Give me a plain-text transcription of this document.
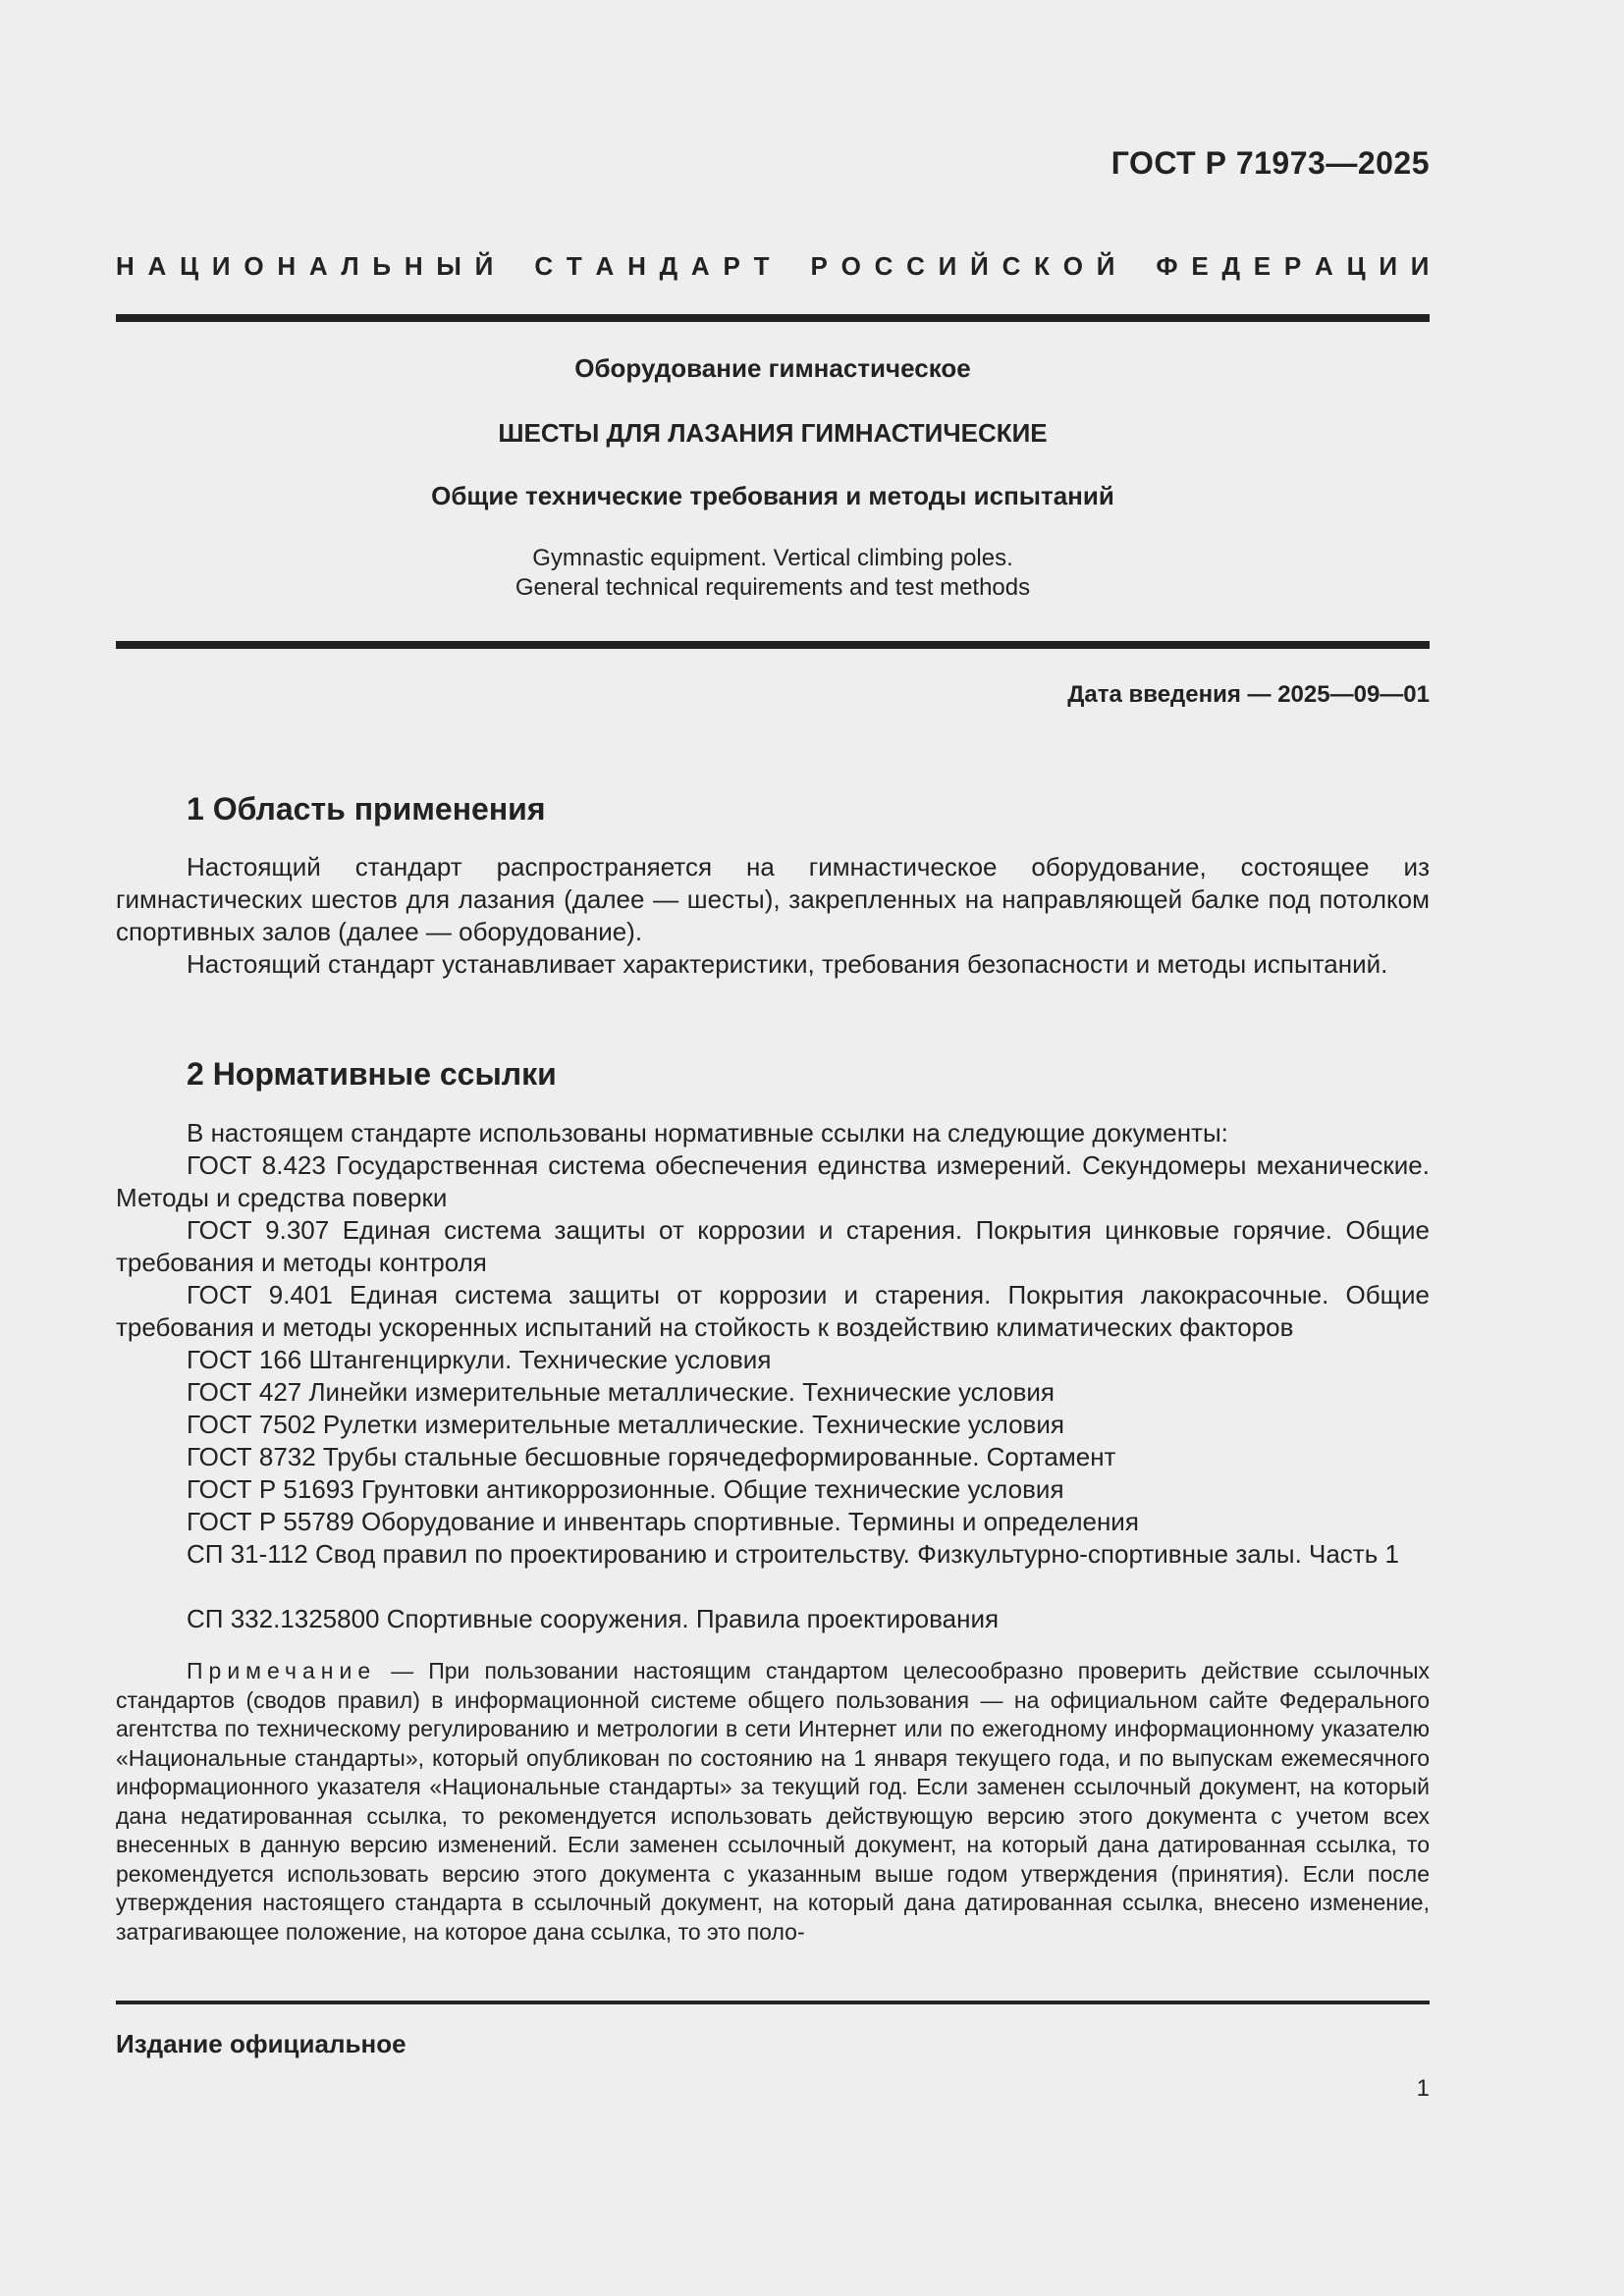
ГОСТ Р 71973—2025
Н А Ц И О Н А Л Ь Н Ы Й
С Т А Н Д А Р Т
Р О С С И Й С К О Й
Ф Е Д Е Р А Ц И И
Оборудование гимнастическое
ШЕСТЫ ДЛЯ ЛАЗАНИЯ ГИМНАСТИЧЕСКИЕ
Общие технические требования и методы испытаний
Gymnastic equipment. Vertical climbing poles.
General technical requirements and test methods
Дата введения — 2025—09—01
1 Область применения

Настоящий стандарт распространяется на гимнастическое оборудование, состоящее из гимнастических шестов для лазания (далее — шесты), закрепленных на направляющей балке под потолком спортивных залов (далее — оборудование).

Настоящий стандарт устанавливает характеристики, требования безопасности и методы испытаний.

2 Нормативные ссылки

В настоящем стандарте использованы нормативные ссылки на следующие документы:

ГОСТ 8.423 Государственная система обеспечения единства измерений. Секундомеры механические. Методы и средства поверки

ГОСТ 9.307 Единая система защиты от коррозии и старения. Покрытия цинковые горячие. Общие требования и методы контроля

ГОСТ 9.401 Единая система защиты от коррозии и старения. Покрытия лакокрасочные. Общие требования и методы ускоренных испытаний на стойкость к воздействию климатических факторов

ГОСТ 166 Штангенциркули. Технические условия

ГОСТ 427 Линейки измерительные металлические. Технические условия

ГОСТ 7502 Рулетки измерительные металлические. Технические условия

ГОСТ 8732 Трубы стальные бесшовные горячедеформированные. Сортамент

ГОСТ Р 51693 Грунтовки антикоррозионные. Общие технические условия

ГОСТ Р 55789 Оборудование и инвентарь спортивные. Термины и определения

СП 31-112 Свод правил по проектированию и строительству. Физкультурно-спортивные залы. Часть 1

СП 332.1325800 Спортивные сооружения. Правила проектирования

Примечание — При пользовании настоящим стандартом целесообразно проверить действие ссылочных стандартов (сводов правил) в информационной системе общего пользования — на официальном сайте Федерального агентства по техническому регулированию и метрологии в сети Интернет или по ежегодному информационному указателю «Национальные стандарты», который опубликован по состоянию на 1 января текущего года, и по выпускам ежемесячного информационного указателя «Национальные стандарты» за текущий год. Если заменен ссылочный документ, на который дана недатированная ссылка, то рекомендуется использовать действующую версию этого документа с учетом всех внесенных в данную версию изменений. Если заменен ссылочный документ, на который дана датированная ссылка, то рекомендуется использовать версию этого документа с указанным выше годом утверждения (принятия). Если после утверждения настоящего стандарта в ссылочный документ, на который дана датированная ссылка, внесено изменение, затрагивающее положение, на которое дана ссылка, то это поло-

Издание официальное
1
